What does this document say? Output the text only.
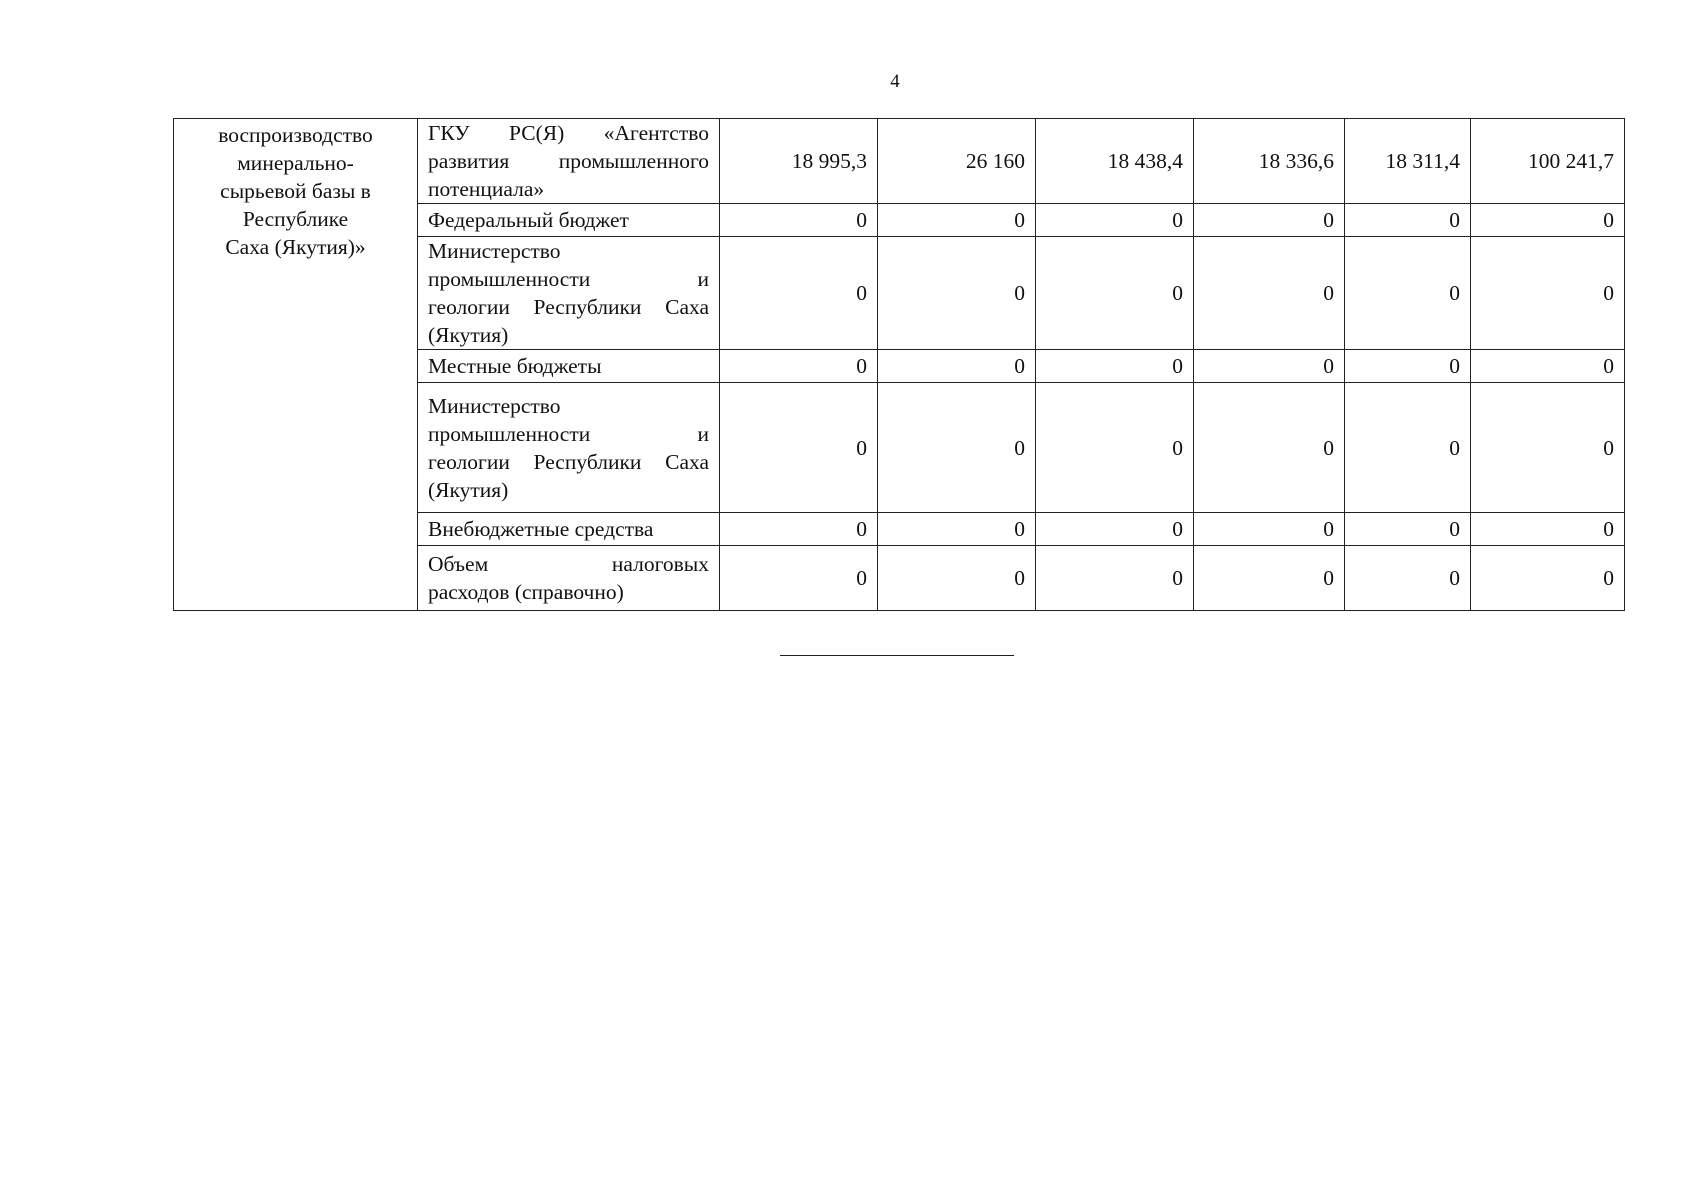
4
воспроизводство
минерально-
сырьевой базы в
Республике
Саха (Якутия)»	ГКУ РС(Я) «Агентство
развития промышленного
потенциала»	18 995,3	26 160	18 438,4	18 336,6	18 311,4	100 241,7

	Федеральный бюджет	0	0	0	0	0	0

	Министерство
промышленности и
геологии Республики Саха
(Якутия)	0	0	0	0	0	0

	Местные бюджеты	0	0	0	0	0	0

	Министерство
промышленности и
геологии Республики Саха
(Якутия)	0	0	0	0	0	0

	Внебюджетные средства	0	0	0	0	0	0

	Объем налоговых
расходов (справочно)	0	0	0	0	0	0
